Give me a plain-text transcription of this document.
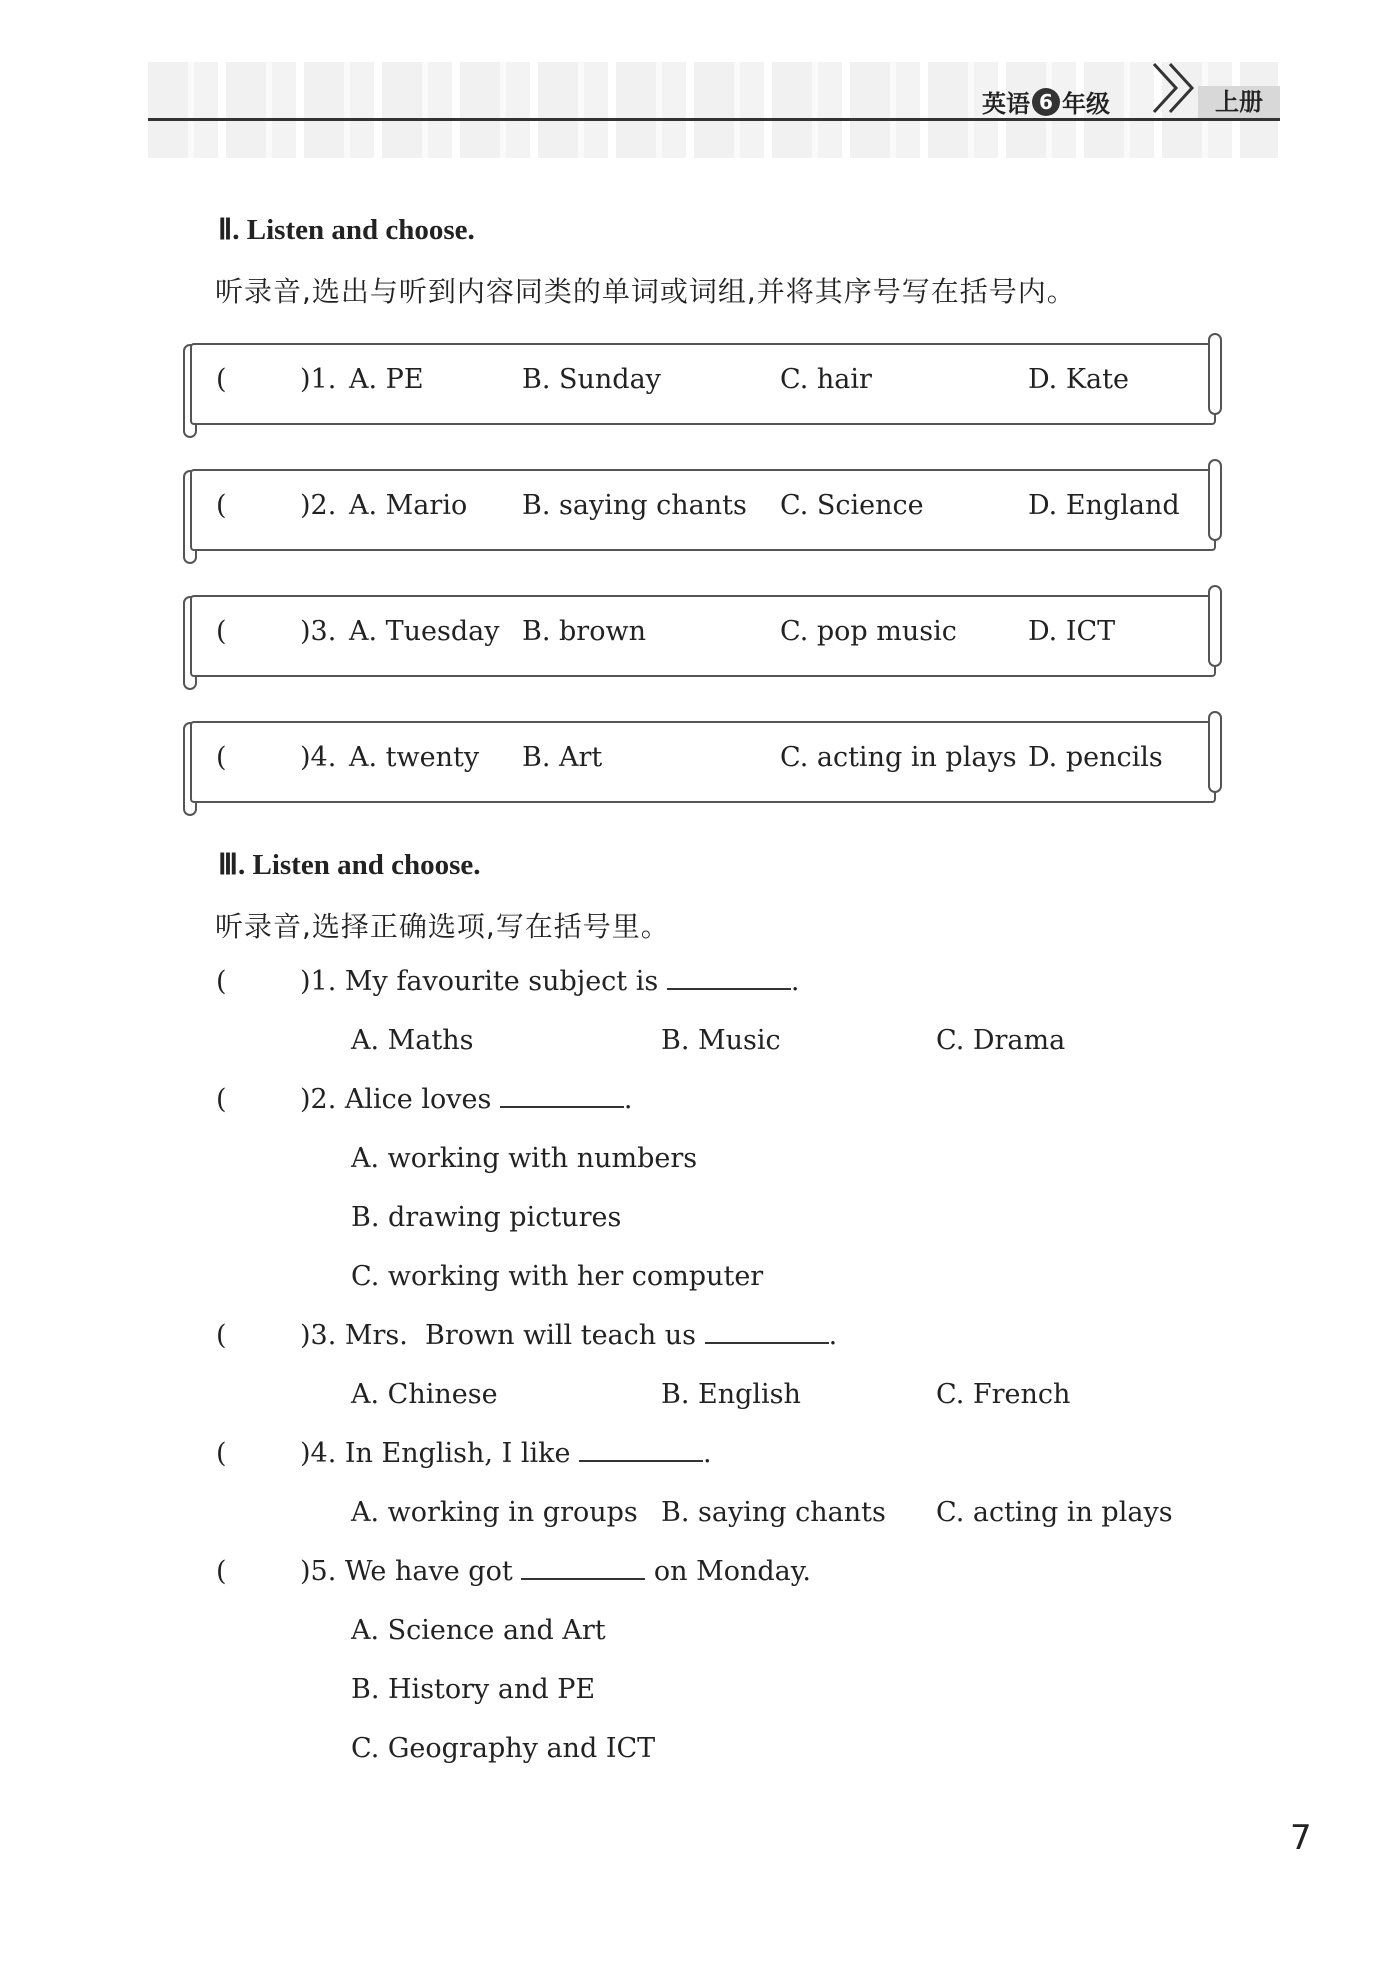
英语 6 年级	上册
Ⅱ. Listen and choose.
听录音,选出与听到内容同类的单词或词组,并将其序号写在括号内。
(	)1. A. PE	B. Sunday	C. hair	D. Kate
(	)2. A. Mario B. saying chants C. Science	D. England
(	)3. A. Tuesday B. brown	C. pop music	D. ICT
(	)4. A. twenty B. Art	C. acting in plays D. pencils
Ⅲ. Listen and choose.
听录音,选择正确选项,写在括号里。
(	)1. My favourite subject is	.
A. Maths	B. Music	C. Drama
(	)2. Alice loves	.
A. working with numbers
B. drawing pictures
C. working with her computer
(	)3. Mrs.  Brown will teach us	.
A. Chinese	B. English	C. French
(	)4. In English, I like	.
A. working in groups B. saying chants C. acting in plays
(	)5. We have got	on Monday.
A. Science and Art
B. History and PE
C. Geography and ICT
7
